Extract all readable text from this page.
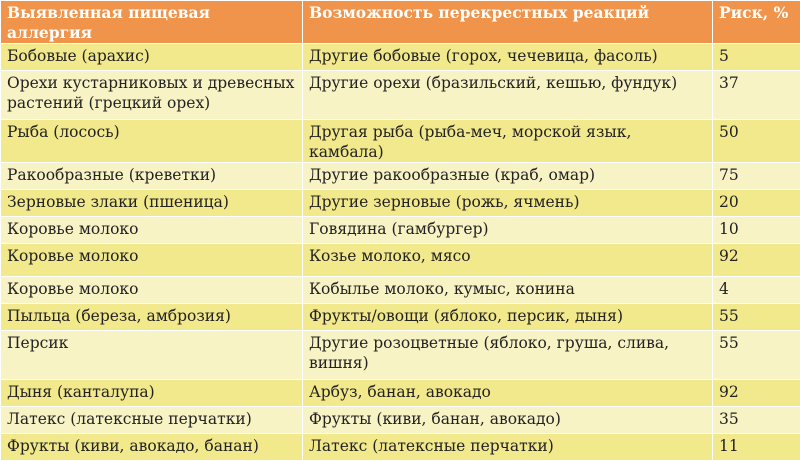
Выявленная пищевая аллергия	Возможность перекрестных реакций	Риск, %
Бобовые (арахис)	Другие бобовые (горох, чечевица, фасоль)	5
Орехи кустарниковых и древесных растений (грецкий орех)	Другие орехи (бразильский, кешью, фундук)	37
Рыба (лосось)	Другая рыба (рыба-меч, морской язык, камбала)	50
Ракообразные (креветки)	Другие ракообразные (краб, омар)	75
Зерновые злаки (пшеница)	Другие зерновые (рожь, ячмень)	20
Коровье молоко	Говядина (гамбургер)	10
Коровье молоко	Козье молоко, мясо	92
Коровье молоко	Кобылье молоко, кумыс, конина	4
Пыльца (береза, амброзия)	Фрукты/овощи (яблоко, персик, дыня)	55
Персик	Другие розоцветные (яблоко, груша, слива, вишня)	55
Дыня (канталупа)	Арбуз, банан, авокадо	92
Латекс (латексные перчатки)	Фрукты (киви, банан, авокадо)	35
Фрукты (киви, авокадо, банан)	Латекс (латексные перчатки)	11
